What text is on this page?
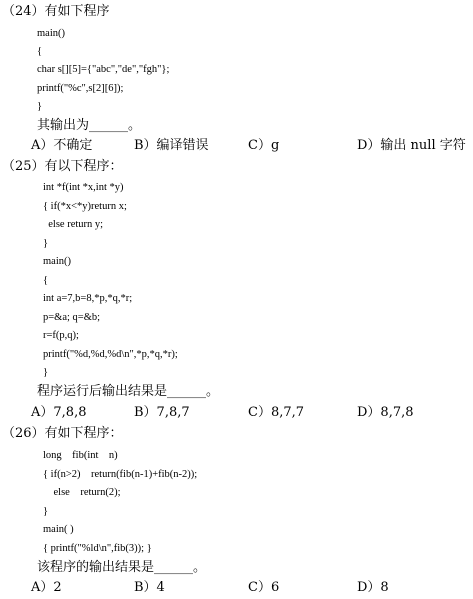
（24）有如下程序
main()
{
char s[][5]={"abc","de","fgh"};
printf("%c",s[2][6]);
}
其输出为______。
A）不确定	B）编译错误	C）g	D）输出 null 字符
（25）有以下程序：
int *f(int *x,int *y)
{ if(*x<*y)return x;
else return y;
}
main()
{
int a=7,b=8,*p,*q,*r;
p=&a; q=&b;
r=f(p,q);
printf("%d,%d,%d\n",*p,*q,*r);
}
程序运行后输出结果是______。
A）7,8,8	B）7,8,7	C）8,7,7	D）8,7,8
（26）有如下程序：
long    fib(int    n)
{ if(n>2)    return(fib(n-1)+fib(n-2));
else    return(2);
}
main( )
{ printf("%ld\n",fib(3)); }
该程序的输出结果是______。
A）2	B）4	C）6	D）8
